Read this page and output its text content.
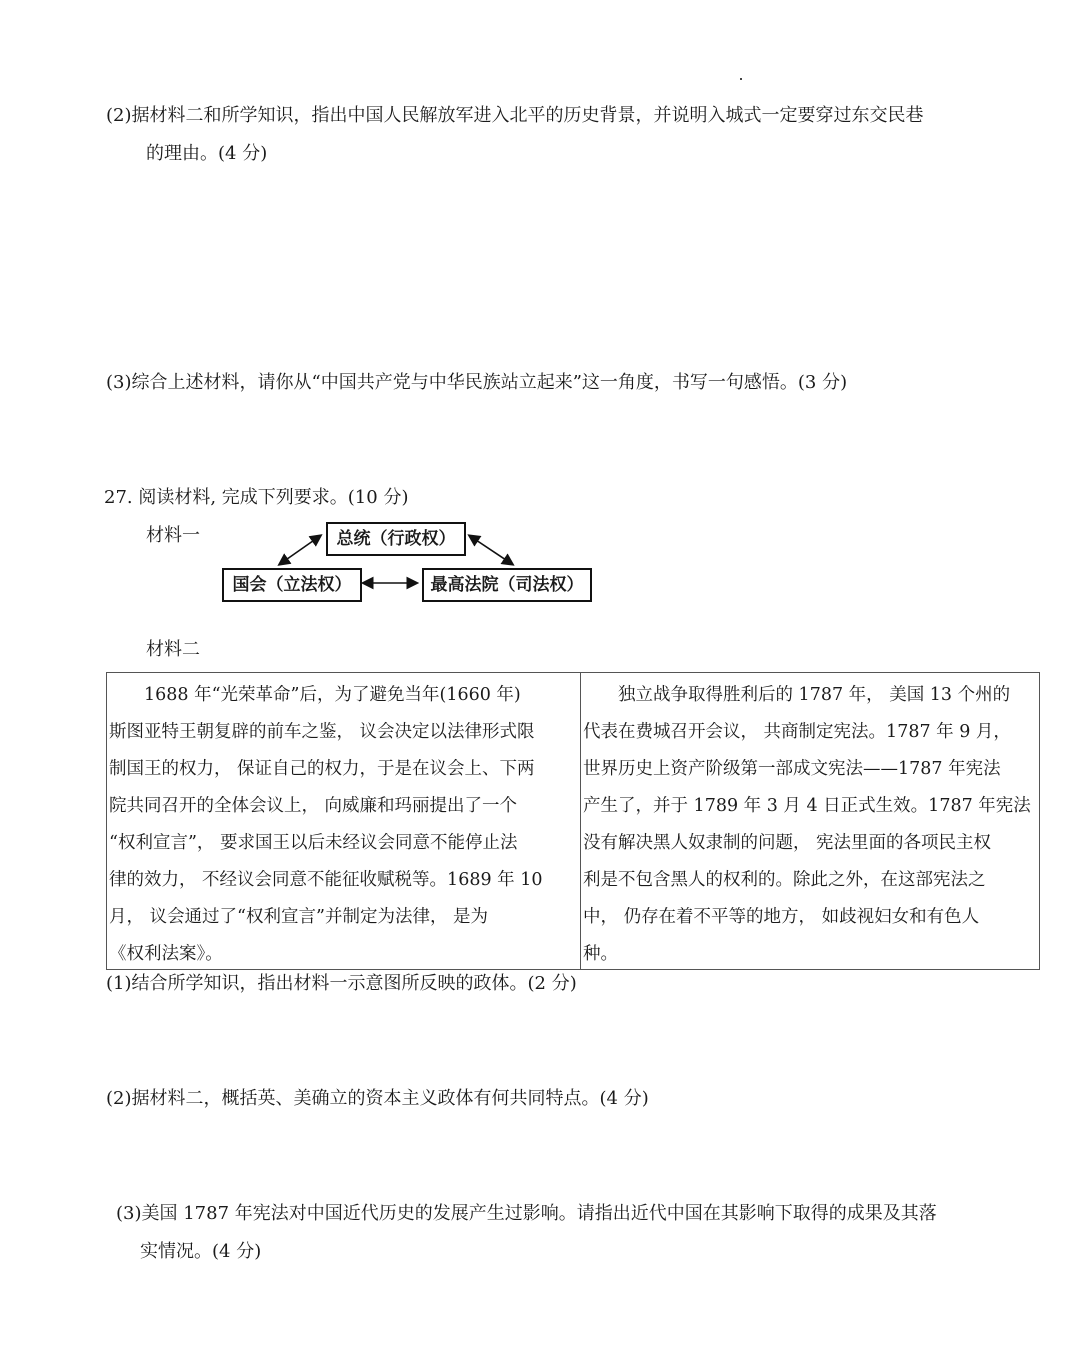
(2)据材料二和所学知识，指出中国人民解放军进入北平的历史背景，并说明入城式一定要穿过东交民巷
的理由。(4 分)
(3)综合上述材料，请你从“中国共产党与中华民族站立起来”这一角度，书写一句感悟。(3 分)
27. 阅读材料, 完成下列要求。(10 分)
材料一	总统（行政权）
国会（立法权）	最高法院（司法权）
材料二
　　1688 年“光荣革命”后，为了避免当年(1660 年)
斯图亚特王朝复辟的前车之鉴， 议会决定以法律形式限
制国王的权力， 保证自己的权力，于是在议会上、下两
院共同召开的全体会议上， 向威廉和玛丽提出了一个
“权利宣言”， 要求国王以后未经议会同意不能停止法
律的效力， 不经议会同意不能征收赋税等。1689 年 10
月， 议会通过了“权利宣言”并制定为法律， 是为
《权利法案》。
　　独立战争取得胜利后的 1787 年， 美国 13 个州的
代表在费城召开会议， 共商制定宪法。1787 年 9 月，
世界历史上资产阶级第一部成文宪法——1787 年宪法
产生了，并于 1789 年 3 月 4 日正式生效。1787 年宪法
没有解决黑人奴隶制的问题， 宪法里面的各项民主权
利是不包含黑人的权利的。除此之外，在这部宪法之
中， 仍存在着不平等的地方， 如歧视妇女和有色人
种。
(1)结合所学知识，指出材料一示意图所反映的政体。(2 分)
(2)据材料二，概括英、美确立的资本主义政体有何共同特点。(4 分)
(3)美国 1787 年宪法对中国近代历史的发展产生过影响。请指出近代中国在其影响下取得的成果及其落
实情况。(4 分)
